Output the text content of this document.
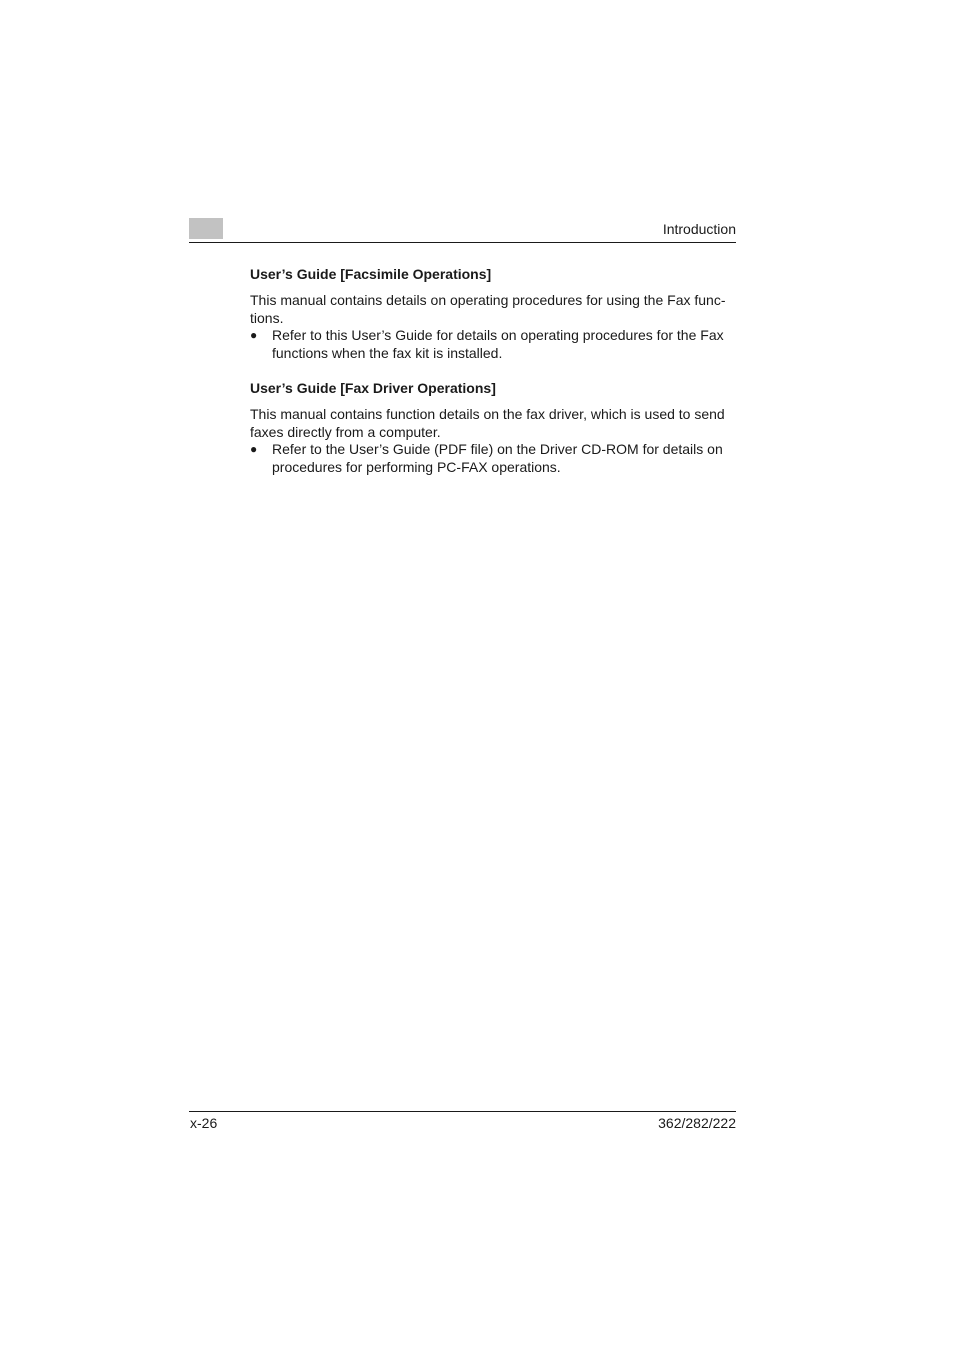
Introduction

User’s Guide [Facsimile Operations]

This manual contains details on operating procedures for using the Fax func-
tions.

● Refer to this User’s Guide for details on operating procedures for the Fax
functions when the fax kit is installed.

User’s Guide [Fax Driver Operations]

This manual contains function details on the fax driver, which is used to send
faxes directly from a computer.

● Refer to the User’s Guide (PDF file) on the Driver CD-ROM for details on
procedures for performing PC-FAX operations.

x-26	362/282/222
